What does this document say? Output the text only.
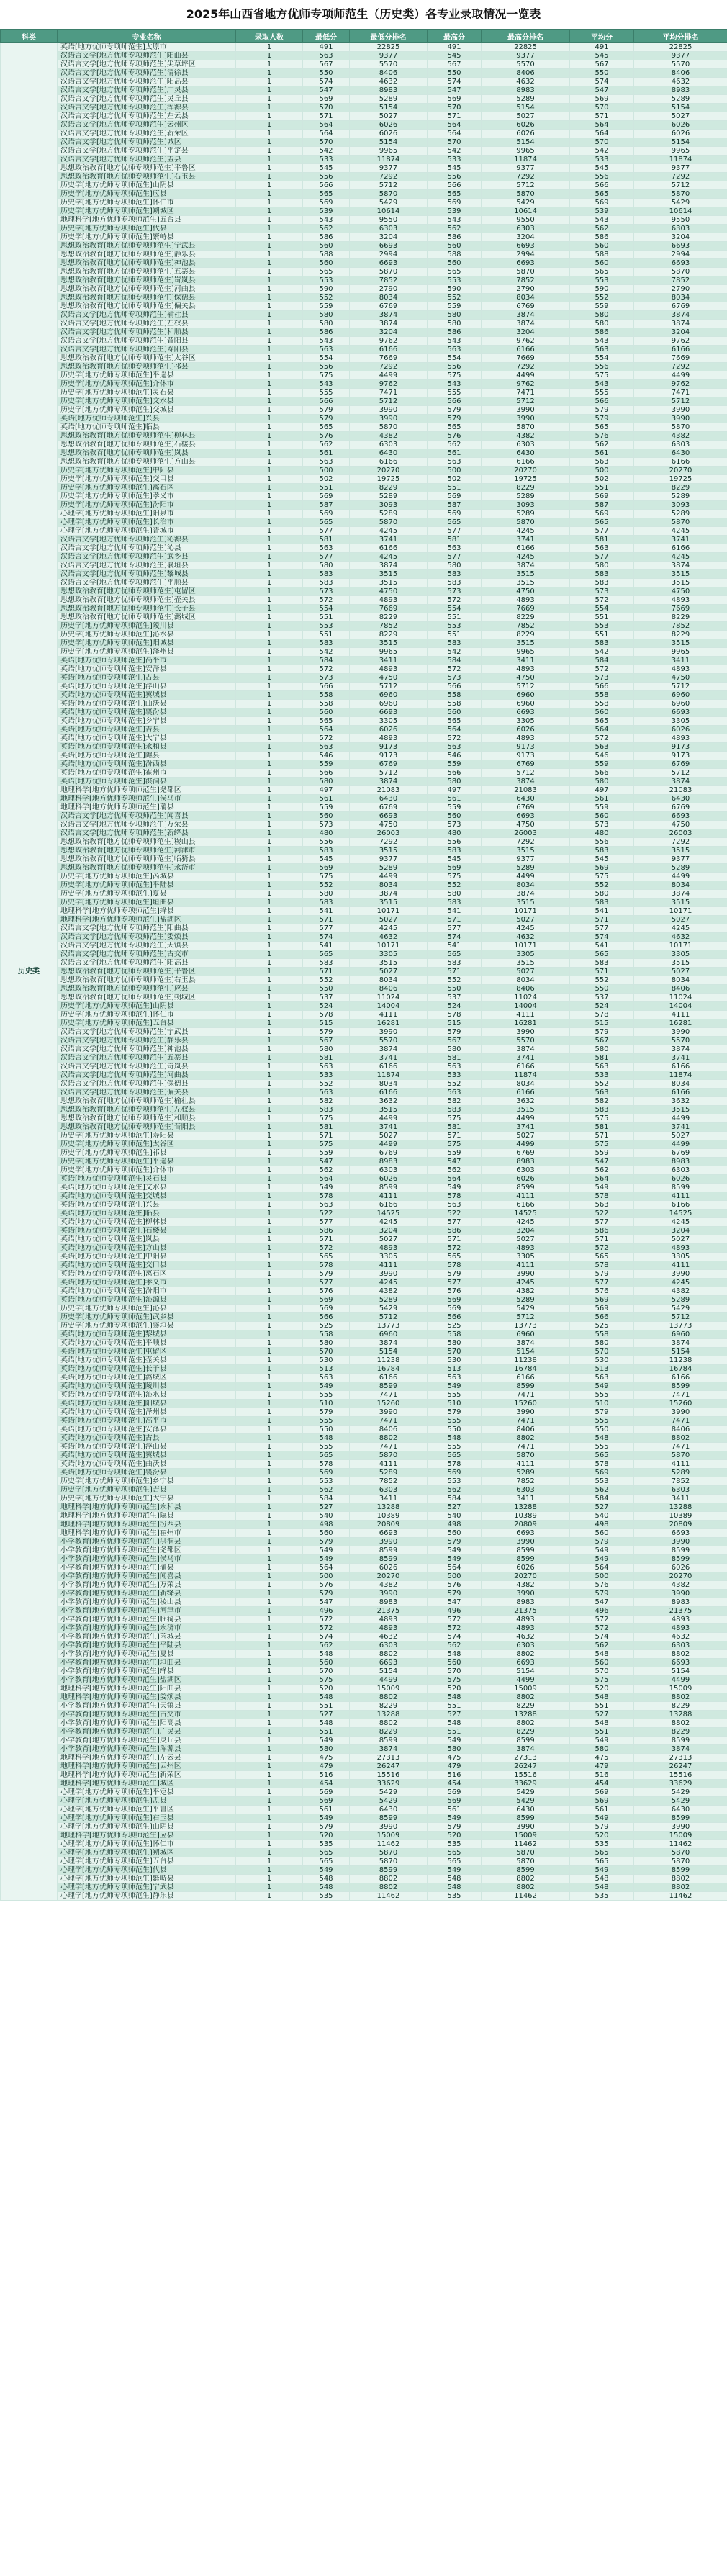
2025年山西省地方优师专项师范生（历史类）各专业录取情况一览表
科类	专业名称	录取人数	最低分	最低分排名	最高分	最高分排名	平均分	平均分排名
历史类	英语[地方优师专项师范生]太原市	1	491	22825	491	22825	491	22825
	汉语言文学[地方优师专项师范生]阳曲县	1	563	9377	545	9377	545	9377
	汉语言文学[地方优师专项师范生]尖草坪区	1	567	5570	567	5570	567	5570
	汉语言文学[地方优师专项师范生]清徐县	1	550	8406	550	8406	550	8406
	汉语言文学[地方优师专项师范生]阳高县	1	574	4632	574	4632	574	4632
	汉语言文学[地方优师专项师范生]广灵县	1	547	8983	547	8983	547	8983
	汉语言文学[地方优师专项师范生]灵丘县	1	569	5289	569	5289	569	5289
	汉语言文学[地方优师专项师范生]浑源县	1	570	5154	570	5154	570	5154
	汉语言文学[地方优师专项师范生]左云县	1	571	5027	571	5027	571	5027
	汉语言文学[地方优师专项师范生]云州区	1	564	6026	564	6026	564	6026
	汉语言文学[地方优师专项师范生]新荣区	1	564	6026	564	6026	564	6026
	汉语言文学[地方优师专项师范生]城区	1	570	5154	570	5154	570	5154
	汉语言文学[地方优师专项师范生]平定县	1	542	9965	542	9965	542	9965
	汉语言文学[地方优师专项师范生]盂县	1	533	11874	533	11874	533	11874
	思想政治教育[地方优师专项师范生]平鲁区	1	545	9377	545	9377	545	9377
	思想政治教育[地方优师专项师范生]右玉县	1	556	7292	556	7292	556	7292
	历史学[地方优师专项师范生]山阴县	1	566	5712	566	5712	566	5712
	历史学[地方优师专项师范生]应县	1	565	5870	565	5870	565	5870
	历史学[地方优师专项师范生]怀仁市	1	569	5429	569	5429	569	5429
	历史学[地方优师专项师范生]朔城区	1	539	10614	539	10614	539	10614
	地理科学[地方优师专项师范生]五台县	1	543	9550	543	9550	543	9550
	历史学[地方优师专项师范生]代县	1	562	6303	562	6303	562	6303
	历史学[地方优师专项师范生]繁峙县	1	586	3204	586	3204	586	3204
	思想政治教育[地方优师专项师范生]宁武县	1	560	6693	560	6693	560	6693
	思想政治教育[地方优师专项师范生]静乐县	1	588	2994	588	2994	588	2994
	思想政治教育[地方优师专项师范生]神池县	1	560	6693	560	6693	560	6693
	思想政治教育[地方优师专项师范生]五寨县	1	565	5870	565	5870	565	5870
	思想政治教育[地方优师专项师范生]岢岚县	1	553	7852	553	7852	553	7852
	思想政治教育[地方优师专项师范生]河曲县	1	590	2790	590	2790	590	2790
	思想政治教育[地方优师专项师范生]保德县	1	552	8034	552	8034	552	8034
	思想政治教育[地方优师专项师范生]偏关县	1	559	6769	559	6769	559	6769
	汉语言文学[地方优师专项师范生]榆社县	1	580	3874	580	3874	580	3874
	汉语言文学[地方优师专项师范生]左权县	1	580	3874	580	3874	580	3874
	汉语言文学[地方优师专项师范生]和顺县	1	586	3204	586	3204	586	3204
	汉语言文学[地方优师专项师范生]昔阳县	1	543	9762	543	9762	543	9762
	汉语言文学[地方优师专项师范生]寿阳县	1	563	6166	563	6166	563	6166
	思想政治教育[地方优师专项师范生]太谷区	1	554	7669	554	7669	554	7669
	思想政治教育[地方优师专项师范生]祁县	1	556	7292	556	7292	556	7292
	历史学[地方优师专项师范生]平遥县	1	575	4499	575	4499	575	4499
	历史学[地方优师专项师范生]介休市	1	543	9762	543	9762	543	9762
	历史学[地方优师专项师范生]灵石县	1	555	7471	555	7471	555	7471
	历史学[地方优师专项师范生]文水县	1	566	5712	566	5712	566	5712
	历史学[地方优师专项师范生]交城县	1	579	3990	579	3990	579	3990
	英语[地方优师专项师范生]兴县	1	579	3990	579	3990	579	3990
	英语[地方优师专项师范生]临县	1	565	5870	565	5870	565	5870
	思想政治教育[地方优师专项师范生]柳林县	1	576	4382	576	4382	576	4382
	思想政治教育[地方优师专项师范生]石楼县	1	562	6303	562	6303	562	6303
	思想政治教育[地方优师专项师范生]岚县	1	561	6430	561	6430	561	6430
	思想政治教育[地方优师专项师范生]方山县	1	563	6166	563	6166	563	6166
	历史学[地方优师专项师范生]中阳县	1	500	20270	500	20270	500	20270
	历史学[地方优师专项师范生]交口县	1	502	19725	502	19725	502	19725
	历史学[地方优师专项师范生]离石区	1	551	8229	551	8229	551	8229
	历史学[地方优师专项师范生]孝义市	1	569	5289	569	5289	569	5289
	历史学[地方优师专项师范生]汾阳市	1	587	3093	587	3093	587	3093
	心理学[地方优师专项师范生]阳泉市	1	569	5289	569	5289	569	5289
	心理学[地方优师专项师范生]长治市	1	565	5870	565	5870	565	5870
	心理学[地方优师专项师范生]晋城市	1	577	4245	577	4245	577	4245
	汉语言文学[地方优师专项师范生]沁源县	1	581	3741	581	3741	581	3741
	汉语言文学[地方优师专项师范生]沁县	1	563	6166	563	6166	563	6166
	汉语言文学[地方优师专项师范生]武乡县	1	577	4245	577	4245	577	4245
	汉语言文学[地方优师专项师范生]襄垣县	1	580	3874	580	3874	580	3874
	汉语言文学[地方优师专项师范生]黎城县	1	583	3515	583	3515	583	3515
	汉语言文学[地方优师专项师范生]平顺县	1	583	3515	583	3515	583	3515
	思想政治教育[地方优师专项师范生]屯留区	1	573	4750	573	4750	573	4750
	思想政治教育[地方优师专项师范生]壶关县	1	572	4893	572	4893	572	4893
	思想政治教育[地方优师专项师范生]长子县	1	554	7669	554	7669	554	7669
	思想政治教育[地方优师专项师范生]潞城区	1	551	8229	551	8229	551	8229
	历史学[地方优师专项师范生]陵川县	1	553	7852	553	7852	553	7852
	历史学[地方优师专项师范生]沁水县	1	551	8229	551	8229	551	8229
	历史学[地方优师专项师范生]阳城县	1	583	3515	583	3515	583	3515
	历史学[地方优师专项师范生]泽州县	1	542	9965	542	9965	542	9965
	英语[地方优师专项师范生]高平市	1	584	3411	584	3411	584	3411
	英语[地方优师专项师范生]安泽县	1	572	4893	572	4893	572	4893
	英语[地方优师专项师范生]古县	1	573	4750	573	4750	573	4750
	英语[地方优师专项师范生]浮山县	1	566	5712	566	5712	566	5712
	英语[地方优师专项师范生]翼城县	1	558	6960	558	6960	558	6960
	英语[地方优师专项师范生]曲沃县	1	558	6960	558	6960	558	6960
	英语[地方优师专项师范生]襄汾县	1	560	6693	560	6693	560	6693
	英语[地方优师专项师范生]乡宁县	1	565	3305	565	3305	565	3305
	英语[地方优师专项师范生]吉县	1	564	6026	564	6026	564	6026
	英语[地方优师专项师范生]大宁县	1	572	4893	572	4893	572	4893
	英语[地方优师专项师范生]永和县	1	563	9173	563	9173	563	9173
	英语[地方优师专项师范生]隰县	1	546	9173	546	9173	546	9173
	英语[地方优师专项师范生]汾西县	1	559	6769	559	6769	559	6769
	英语[地方优师专项师范生]霍州市	1	566	5712	566	5712	566	5712
	英语[地方优师专项师范生]洪洞县	1	580	3874	580	3874	580	3874
	地理科学[地方优师专项师范生]尧都区	1	497	21083	497	21083	497	21083
	地理科学[地方优师专项师范生]侯马市	1	561	6430	561	6430	561	6430
	地理科学[地方优师专项师范生]蒲县	1	559	6769	559	6769	559	6769
	汉语言文学[地方优师专项师范生]闻喜县	1	560	6693	560	6693	560	6693
	汉语言文学[地方优师专项师范生]万荣县	1	573	4750	573	4750	573	4750
	汉语言文学[地方优师专项师范生]新绛县	1	480	26003	480	26003	480	26003
	思想政治教育[地方优师专项师范生]稷山县	1	556	7292	556	7292	556	7292
	思想政治教育[地方优师专项师范生]河津市	1	583	3515	583	3515	583	3515
	思想政治教育[地方优师专项师范生]临猗县	1	545	9377	545	9377	545	9377
	思想政治教育[地方优师专项师范生]永济市	1	569	5289	569	5289	569	5289
	历史学[地方优师专项师范生]芮城县	1	575	4499	575	4499	575	4499
	历史学[地方优师专项师范生]平陆县	1	552	8034	552	8034	552	8034
	历史学[地方优师专项师范生]夏县	1	580	3874	580	3874	580	3874
	历史学[地方优师专项师范生]垣曲县	1	583	3515	583	3515	583	3515
	地理科学[地方优师专项师范生]绛县	1	541	10171	541	10171	541	10171
	地理科学[地方优师专项师范生]盐湖区	1	571	5027	571	5027	571	5027
	汉语言文学[地方优师专项师范生]阳曲县	1	577	4245	577	4245	577	4245
	汉语言文学[地方优师专项师范生]娄烦县	1	574	4632	574	4632	574	4632
	汉语言文学[地方优师专项师范生]天镇县	1	541	10171	541	10171	541	10171
	汉语言文学[地方优师专项师范生]古交市	1	565	3305	565	3305	565	3305
	汉语言文学[地方优师专项师范生]阳高县	1	583	3515	583	3515	583	3515
	思想政治教育[地方优师专项师范生]平鲁区	1	571	5027	571	5027	571	5027
	思想政治教育[地方优师专项师范生]右玉县	1	552	8034	552	8034	552	8034
	思想政治教育[地方优师专项师范生]应县	1	550	8406	550	8406	550	8406
	思想政治教育[地方优师专项师范生]朔城区	1	537	11024	537	11024	537	11024
	历史学[地方优师专项师范生]山阴县	1	524	14004	524	14004	524	14004
	历史学[地方优师专项师范生]怀仁市	1	578	4111	578	4111	578	4111
	历史学[地方优师专项师范生]五台县	1	515	16281	515	16281	515	16281
	汉语言文学[地方优师专项师范生]宁武县	1	579	3990	579	3990	579	3990
	汉语言文学[地方优师专项师范生]静乐县	1	567	5570	567	5570	567	5570
	汉语言文学[地方优师专项师范生]神池县	1	580	3874	580	3874	580	3874
	汉语言文学[地方优师专项师范生]五寨县	1	581	3741	581	3741	581	3741
	汉语言文学[地方优师专项师范生]岢岚县	1	563	6166	563	6166	563	6166
	汉语言文学[地方优师专项师范生]河曲县	1	533	11874	533	11874	533	11874
	汉语言文学[地方优师专项师范生]保德县	1	552	8034	552	8034	552	8034
	汉语言文学[地方优师专项师范生]偏关县	1	563	6166	563	6166	563	6166
	思想政治教育[地方优师专项师范生]榆社县	1	582	3632	582	3632	582	3632
	思想政治教育[地方优师专项师范生]左权县	1	583	3515	583	3515	583	3515
	思想政治教育[地方优师专项师范生]和顺县	1	575	4499	575	4499	575	4499
	思想政治教育[地方优师专项师范生]昔阳县	1	581	3741	581	3741	581	3741
	历史学[地方优师专项师范生]寿阳县	1	571	5027	571	5027	571	5027
	历史学[地方优师专项师范生]太谷区	1	575	4499	575	4499	575	4499
	历史学[地方优师专项师范生]祁县	1	559	6769	559	6769	559	6769
	历史学[地方优师专项师范生]平遥县	1	547	8983	547	8983	547	8983
	历史学[地方优师专项师范生]介休市	1	562	6303	562	6303	562	6303
	英语[地方优师专项师范生]灵石县	1	564	6026	564	6026	564	6026
	英语[地方优师专项师范生]文水县	1	549	8599	549	8599	549	8599
	英语[地方优师专项师范生]交城县	1	578	4111	578	4111	578	4111
	英语[地方优师专项师范生]兴县	1	563	6166	563	6166	563	6166
	英语[地方优师专项师范生]临县	1	522	14525	522	14525	522	14525
	英语[地方优师专项师范生]柳林县	1	577	4245	577	4245	577	4245
	英语[地方优师专项师范生]石楼县	1	586	3204	586	3204	586	3204
	英语[地方优师专项师范生]岚县	1	571	5027	571	5027	571	5027
	英语[地方优师专项师范生]方山县	1	572	4893	572	4893	572	4893
	英语[地方优师专项师范生]中阳县	1	565	3305	565	3305	565	3305
	英语[地方优师专项师范生]交口县	1	578	4111	578	4111	578	4111
	英语[地方优师专项师范生]离石区	1	579	3990	579	3990	579	3990
	英语[地方优师专项师范生]孝义市	1	577	4245	577	4245	577	4245
	英语[地方优师专项师范生]汾阳市	1	576	4382	576	4382	576	4382
	英语[地方优师专项师范生]沁源县	1	569	5289	569	5289	569	5289
	历史学[地方优师专项师范生]沁县	1	569	5429	569	5429	569	5429
	历史学[地方优师专项师范生]武乡县	1	566	5712	566	5712	566	5712
	历史学[地方优师专项师范生]襄垣县	1	525	13773	525	13773	525	13773
	英语[地方优师专项师范生]黎城县	1	558	6960	558	6960	558	6960
	英语[地方优师专项师范生]平顺县	1	580	3874	580	3874	580	3874
	英语[地方优师专项师范生]屯留区	1	570	5154	570	5154	570	5154
	英语[地方优师专项师范生]壶关县	1	530	11238	530	11238	530	11238
	英语[地方优师专项师范生]长子县	1	513	16784	513	16784	513	16784
	英语[地方优师专项师范生]潞城区	1	563	6166	563	6166	563	6166
	英语[地方优师专项师范生]陵川县	1	549	8599	549	8599	549	8599
	英语[地方优师专项师范生]沁水县	1	555	7471	555	7471	555	7471
	英语[地方优师专项师范生]阳城县	1	510	15260	510	15260	510	15260
	英语[地方优师专项师范生]泽州县	1	579	3990	579	3990	579	3990
	英语[地方优师专项师范生]高平市	1	555	7471	555	7471	555	7471
	英语[地方优师专项师范生]安泽县	1	550	8406	550	8406	550	8406
	英语[地方优师专项师范生]古县	1	548	8802	548	8802	548	8802
	英语[地方优师专项师范生]浮山县	1	555	7471	555	7471	555	7471
	英语[地方优师专项师范生]翼城县	1	565	5870	565	5870	565	5870
	英语[地方优师专项师范生]曲沃县	1	578	4111	578	4111	578	4111
	英语[地方优师专项师范生]襄汾县	1	569	5289	569	5289	569	5289
	历史学[地方优师专项师范生]乡宁县	1	553	7852	553	7852	553	7852
	历史学[地方优师专项师范生]吉县	1	562	6303	562	6303	562	6303
	历史学[地方优师专项师范生]大宁县	1	584	3411	584	3411	584	3411
	地理科学[地方优师专项师范生]永和县	1	527	13288	527	13288	527	13288
	地理科学[地方优师专项师范生]隰县	1	540	10389	540	10389	540	10389
	地理科学[地方优师专项师范生]汾西县	1	498	20809	498	20809	498	20809
	地理科学[地方优师专项师范生]霍州市	1	560	6693	560	6693	560	6693
	小学教育[地方优师专项师范生]洪洞县	1	579	3990	579	3990	579	3990
	小学教育[地方优师专项师范生]尧都区	1	549	8599	549	8599	549	8599
	小学教育[地方优师专项师范生]侯马市	1	549	8599	549	8599	549	8599
	小学教育[地方优师专项师范生]蒲县	1	564	6026	564	6026	564	6026
	小学教育[地方优师专项师范生]闻喜县	1	500	20270	500	20270	500	20270
	小学教育[地方优师专项师范生]万荣县	1	576	4382	576	4382	576	4382
	小学教育[地方优师专项师范生]新绛县	1	579	3990	579	3990	579	3990
	小学教育[地方优师专项师范生]稷山县	1	547	8983	547	8983	547	8983
	小学教育[地方优师专项师范生]河津市	1	496	21375	496	21375	496	21375
	小学教育[地方优师专项师范生]临猗县	1	572	4893	572	4893	572	4893
	小学教育[地方优师专项师范生]永济市	1	572	4893	572	4893	572	4893
	小学教育[地方优师专项师范生]芮城县	1	574	4632	574	4632	574	4632
	小学教育[地方优师专项师范生]平陆县	1	562	6303	562	6303	562	6303
	小学教育[地方优师专项师范生]夏县	1	548	8802	548	8802	548	8802
	小学教育[地方优师专项师范生]垣曲县	1	560	6693	560	6693	560	6693
	小学教育[地方优师专项师范生]绛县	1	570	5154	570	5154	570	5154
	小学教育[地方优师专项师范生]盐湖区	1	575	4499	575	4499	575	4499
	地理科学[地方优师专项师范生]阳曲县	1	520	15009	520	15009	520	15009
	地理科学[地方优师专项师范生]娄烦县	1	548	8802	548	8802	548	8802
	小学教育[地方优师专项师范生]天镇县	1	551	8229	551	8229	551	8229
	小学教育[地方优师专项师范生]古交市	1	527	13288	527	13288	527	13288
	小学教育[地方优师专项师范生]阳高县	1	548	8802	548	8802	548	8802
	小学教育[地方优师专项师范生]广灵县	1	551	8229	551	8229	551	8229
	小学教育[地方优师专项师范生]灵丘县	1	549	8599	549	8599	549	8599
	小学教育[地方优师专项师范生]浑源县	1	580	3874	580	3874	580	3874
	地理科学[地方优师专项师范生]左云县	1	475	27313	475	27313	475	27313
	地理科学[地方优师专项师范生]云州区	1	479	26247	479	26247	479	26247
	地理科学[地方优师专项师范生]新荣区	1	516	15516	516	15516	516	15516
	地理科学[地方优师专项师范生]城区	1	454	33629	454	33629	454	33629
	心理学[地方优师专项师范生]平定县	1	569	5429	569	5429	569	5429
	心理学[地方优师专项师范生]盂县	1	569	5429	569	5429	569	5429
	心理学[地方优师专项师范生]平鲁区	1	561	6430	561	6430	561	6430
	心理学[地方优师专项师范生]右玉县	1	549	8599	549	8599	549	8599
	心理学[地方优师专项师范生]山阴县	1	579	3990	579	3990	579	3990
	地理科学[地方优师专项师范生]应县	1	520	15009	520	15009	520	15009
	心理学[地方优师专项师范生]怀仁市	1	535	11462	535	11462	535	11462
	心理学[地方优师专项师范生]朔城区	1	565	5870	565	5870	565	5870
	心理学[地方优师专项师范生]五台县	1	565	5870	565	5870	565	5870
	心理学[地方优师专项师范生]代县	1	549	8599	549	8599	549	8599
	心理学[地方优师专项师范生]繁峙县	1	548	8802	548	8802	548	8802
	心理学[地方优师专项师范生]宁武县	1	548	8802	548	8802	548	8802
	心理学[地方优师专项师范生]静乐县	1	535	11462	535	11462	535	11462
